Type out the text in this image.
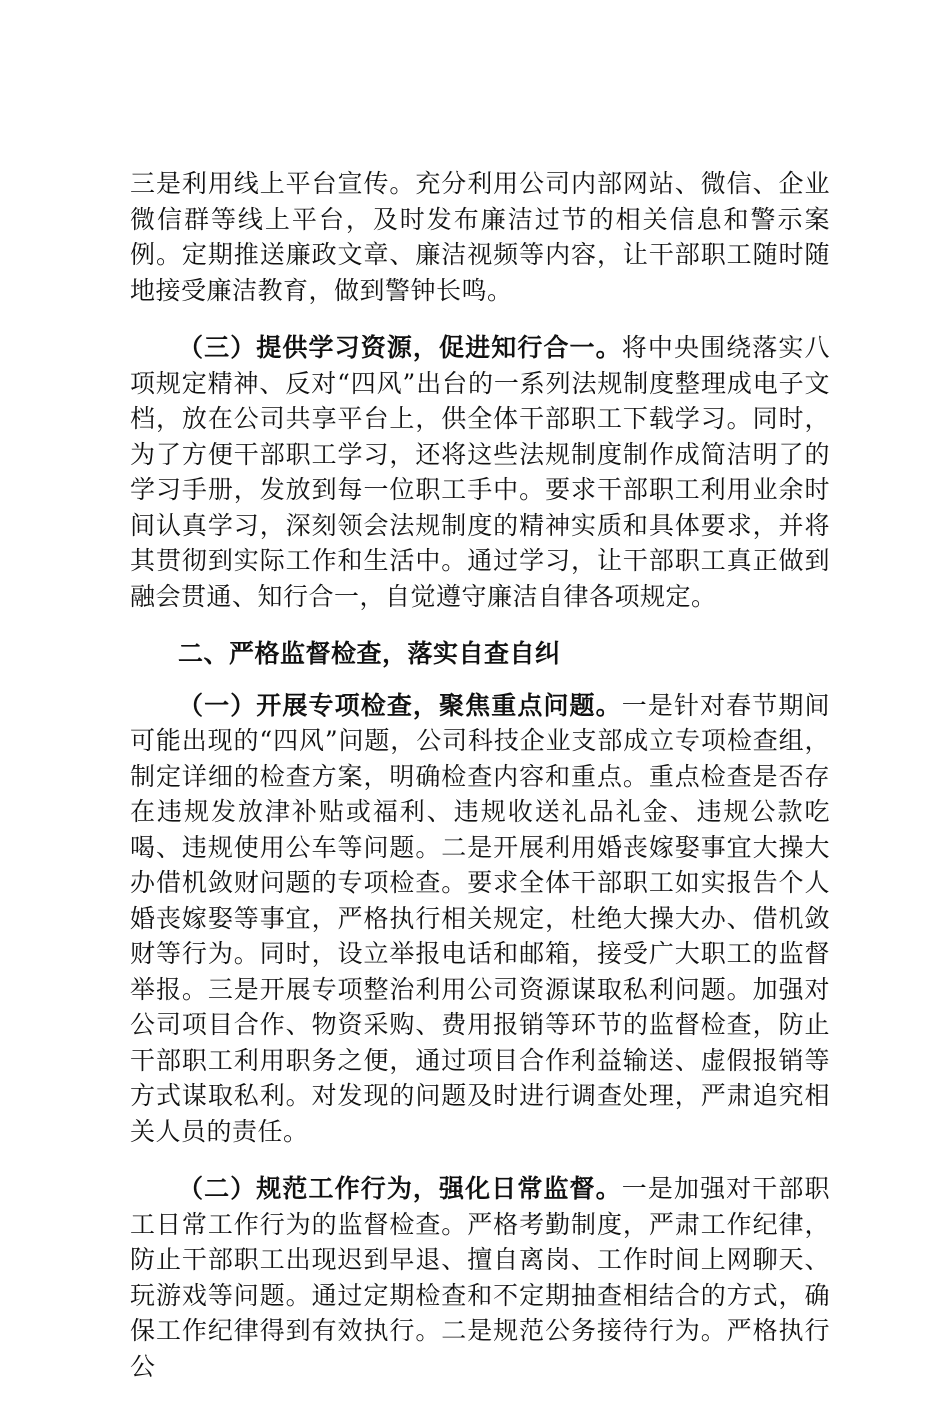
三是利用线上平台宣传。充分利用公司内部网站、微信、企业微信群等线上平台，及时发布廉洁过节的相关信息和警示案例。定期推送廉政文章、廉洁视频等内容，让干部职工随时随地接受廉洁教育，做到警钟长鸣。

（三）提供学习资源，促进知行合一。将中央围绕落实八项规定精神、反对“四风”出台的一系列法规制度整理成电子文档，放在公司共享平台上，供全体干部职工下载学习。同时，为了方便干部职工学习，还将这些法规制度制作成简洁明了的学习手册，发放到每一位职工手中。要求干部职工利用业余时间认真学习，深刻领会法规制度的精神实质和具体要求，并将其贯彻到实际工作和生活中。通过学习，让干部职工真正做到融会贯通、知行合一，自觉遵守廉洁自律各项规定。

二、严格监督检查，落实自查自纠

（一）开展专项检查，聚焦重点问题。一是针对春节期间可能出现的“四风”问题，公司科技企业支部成立专项检查组，制定详细的检查方案，明确检查内容和重点。重点检查是否存在违规发放津补贴或福利、违规收送礼品礼金、违规公款吃喝、违规使用公车等问题。二是开展利用婚丧嫁娶事宜大操大办借机敛财问题的专项检查。要求全体干部职工如实报告个人婚丧嫁娶等事宜，严格执行相关规定，杜绝大操大办、借机敛财等行为。同时，设立举报电话和邮箱，接受广大职工的监督举报。三是开展专项整治利用公司资源谋取私利问题。加强对公司项目合作、物资采购、费用报销等环节的监督检查，防止干部职工利用职务之便，通过项目合作利益输送、虚假报销等方式谋取私利。对发现的问题及时进行调查处理，严肃追究相关人员的责任。

（二）规范工作行为，强化日常监督。一是加强对干部职工日常工作行为的监督检查。严格考勤制度，严肃工作纪律，防止干部职工出现迟到早退、擅自离岗、工作时间上网聊天、玩游戏等问题。通过定期检查和不定期抽查相结合的方式，确保工作纪律得到有效执行。二是规范公务接待行为。严格执行公
